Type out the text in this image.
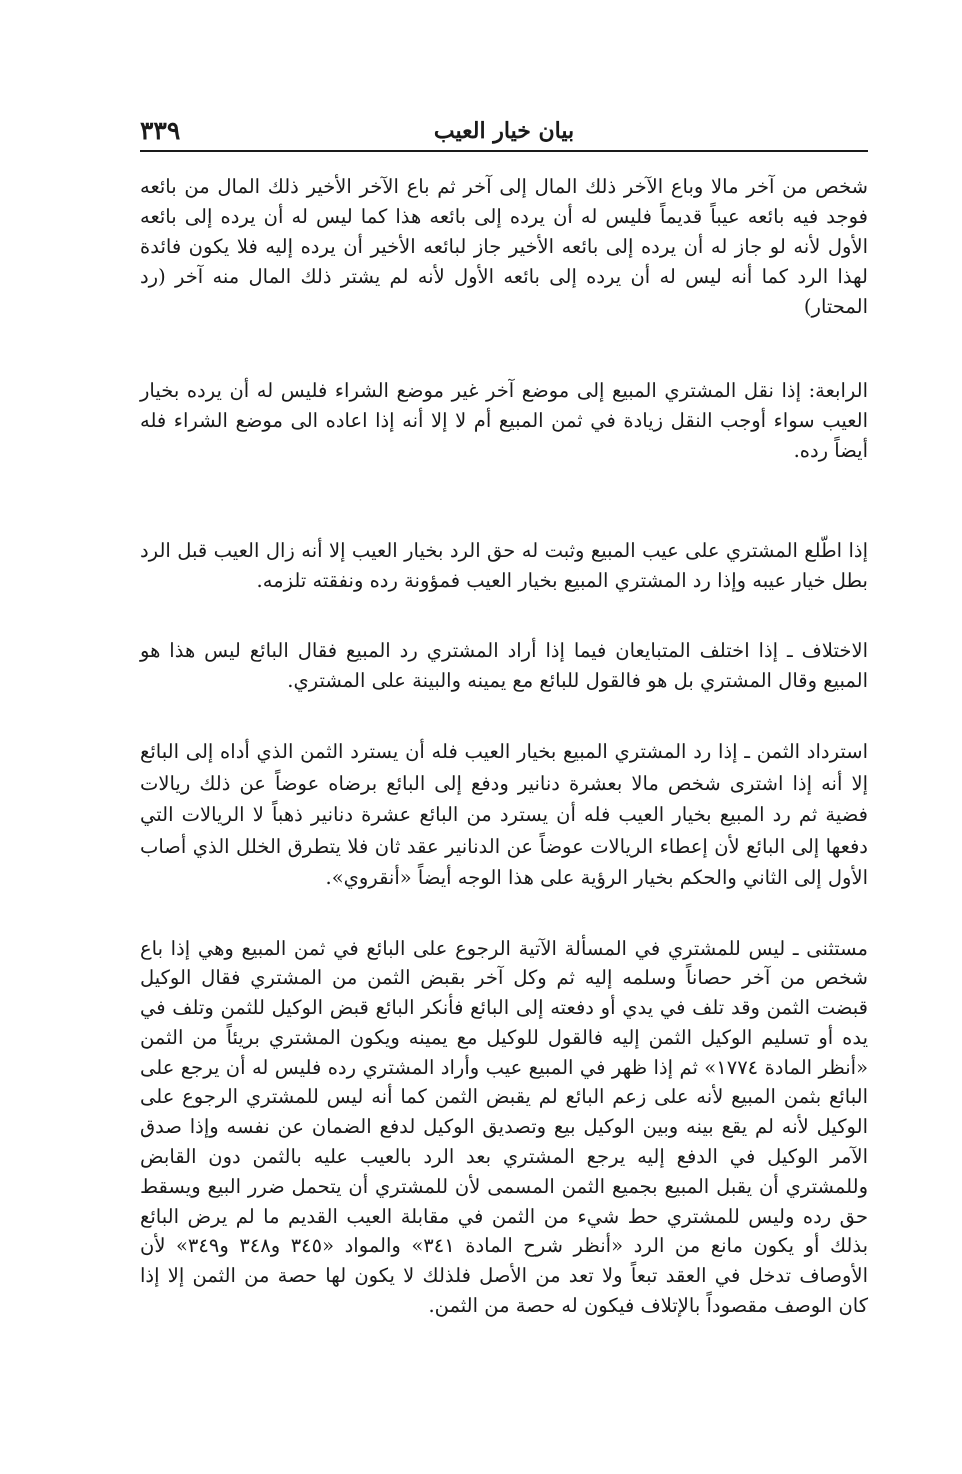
بيان خيار العيب
٣٣٩

شخص من آخر مالا وباع الآخر ذلك المال إلى آخر ثم باع الآخر الأخير ذلك المال من بائعه فوجد فيه بائعه عيباً قديماً فليس له أن يرده إلى بائعه هذا كما ليس له أن يرده إلى بائعه الأول لأنه لو جاز له أن يرده إلى بائعه الأخير جاز لبائعه الأخير أن يرده إليه فلا يكون فائدة لهذا الرد كما أنه ليس له أن يرده إلى بائعه الأول لأنه لم يشتر ذلك المال منه آخر (رد المحتار)

الرابعة: إذا نقل المشتري المبيع إلى موضع آخر غير موضع الشراء فليس له أن يرده بخيار العيب سواء أوجب النقل زيادة في ثمن المبيع أم لا إلا أنه إذا اعاده الى موضع الشراء فله أيضاً رده.

إذا اطّلع المشتري على عيب المبيع وثبت له حق الرد بخيار العيب إلا أنه زال العيب قبل الرد بطل خيار عيبه وإذا رد المشتري المبيع بخيار العيب فمؤونة رده ونفقته تلزمه.

الاختلاف ـ إذا اختلف المتبايعان فيما إذا أراد المشتري رد المبيع فقال البائع ليس هذا هو المبيع وقال المشتري بل هو فالقول للبائع مع يمينه والبينة على المشتري.

استرداد الثمن ـ إذا رد المشتري المبيع بخيار العيب فله أن يسترد الثمن الذي أداه إلى البائع إلا أنه إذا اشترى شخص مالا بعشرة دنانير ودفع إلى البائع برضاه عوضاً عن ذلك ريالات فضية ثم رد المبيع بخيار العيب فله أن يسترد من البائع عشرة دنانير ذهباً لا الريالات التي دفعها إلى البائع لأن إعطاء الريالات عوضاً عن الدنانير عقد ثان فلا يتطرق الخلل الذي أصاب الأول إلى الثاني والحكم بخيار الرؤية على هذا الوجه أيضاً «أنقروي».

مستثنى ـ ليس للمشتري في المسألة الآتية الرجوع على البائع في ثمن المبيع وهي إذا باع شخص من آخر حصاناً وسلمه إليه ثم وكل آخر بقبض الثمن من المشتري فقال الوكيل قبضت الثمن وقد تلف في يدي أو دفعته إلى البائع فأنكر البائع قبض الوكيل للثمن وتلف في يده أو تسليم الوكيل الثمن إليه فالقول للوكيل مع يمينه ويكون المشتري بريئاً من الثمن «أنظر المادة ١٧٧٤» ثم إذا ظهر في المبيع عيب وأراد المشتري رده فليس له أن يرجع على البائع بثمن المبيع لأنه على زعم البائع لم يقبض الثمن كما أنه ليس للمشتري الرجوع على الوكيل لأنه لم يقع بينه وبين الوكيل بيع وتصديق الوكيل لدفع الضمان عن نفسه وإذا صدق الآمر الوكيل في الدفع إليه يرجع المشتري بعد الرد بالعيب عليه بالثمن دون القابض وللمشتري أن يقبل المبيع بجميع الثمن المسمى لأن للمشتري أن يتحمل ضرر البيع ويسقط حق رده وليس للمشتري حط شيء من الثمن في مقابلة العيب القديم ما لم يرض البائع بذلك أو يكون مانع من الرد «أنظر شرح المادة ٣٤١» والمواد «٣٤٥ و٣٤٨ و٣٤٩» لأن الأوصاف تدخل في العقد تبعاً ولا تعد من الأصل فلذلك لا يكون لها حصة من الثمن إلا إذا كان الوصف مقصوداً بالإتلاف فيكون له حصة من الثمن.
